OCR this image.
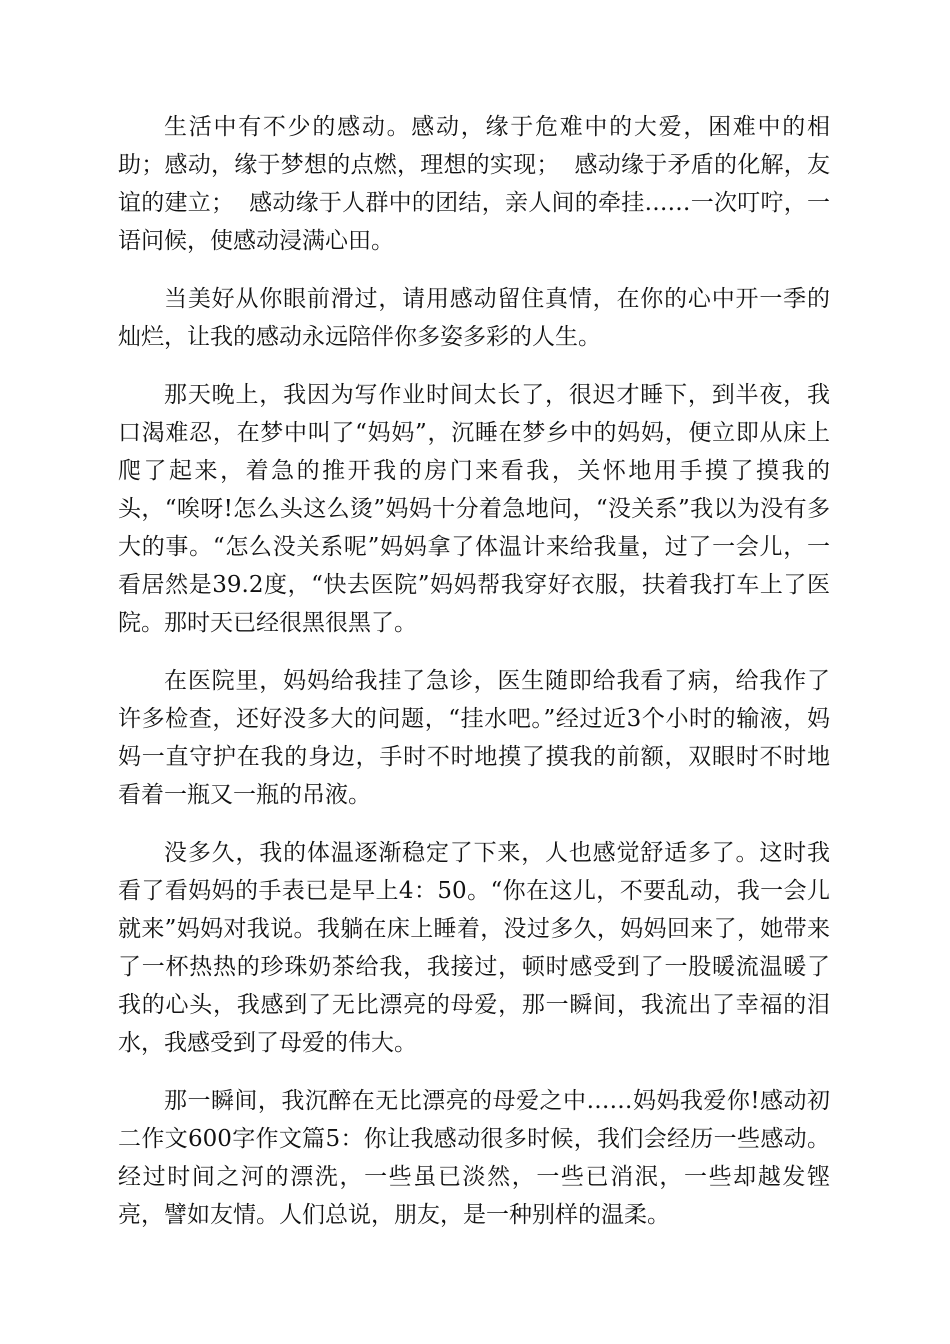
生活中有不少的感动。感动，缘于危难中的大爱，困难中的相助；感动，缘于梦想的点燃，理想的实现；  感动缘于矛盾的化解，友谊的建立；  感动缘于人群中的团结，亲人间的牵挂……一次叮咛，一语问候，使感动浸满心田。

当美好从你眼前滑过，请用感动留住真情，在你的心中开一季的灿烂，让我的感动永远陪伴你多姿多彩的人生。

那天晚上，我因为写作业时间太长了，很迟才睡下，到半夜，我口渴难忍，在梦中叫了“妈妈”，沉睡在梦乡中的妈妈，便立即从床上爬了起来，着急的推开我的房门来看我，关怀地用手摸了摸我的头，“唉呀!怎么头这么烫”妈妈十分着急地问，“没关系”我以为没有多大的事。“怎么没关系呢”妈妈拿了体温计来给我量，过了一会儿，一看居然是39.2度，“快去医院”妈妈帮我穿好衣服，扶着我打车上了医院。那时天已经很黑很黑了。

在医院里，妈妈给我挂了急诊，医生随即给我看了病，给我作了许多检查，还好没多大的问题，“挂水吧。”经过近3个小时的输液，妈妈一直守护在我的身边，手时不时地摸了摸我的前额，双眼时不时地看着一瓶又一瓶的吊液。

没多久，我的体温逐渐稳定了下来，人也感觉舒适多了。这时我看了看妈妈的手表已是早上4：50。“你在这儿，不要乱动，我一会儿就来”妈妈对我说。我躺在床上睡着，没过多久，妈妈回来了，她带来了一杯热热的珍珠奶茶给我，我接过，顿时感受到了一股暖流温暖了我的心头，我感到了无比漂亮的母爱，那一瞬间，我流出了幸福的泪水，我感受到了母爱的伟大。

那一瞬间，我沉醉在无比漂亮的母爱之中……妈妈我爱你!感动初二作文600字作文篇5：你让我感动很多时候，我们会经历一些感动。经过时间之河的漂洗，一些虽已淡然，一些已消泯，一些却越发铿亮，譬如友情。人们总说，朋友，是一种别样的温柔。
